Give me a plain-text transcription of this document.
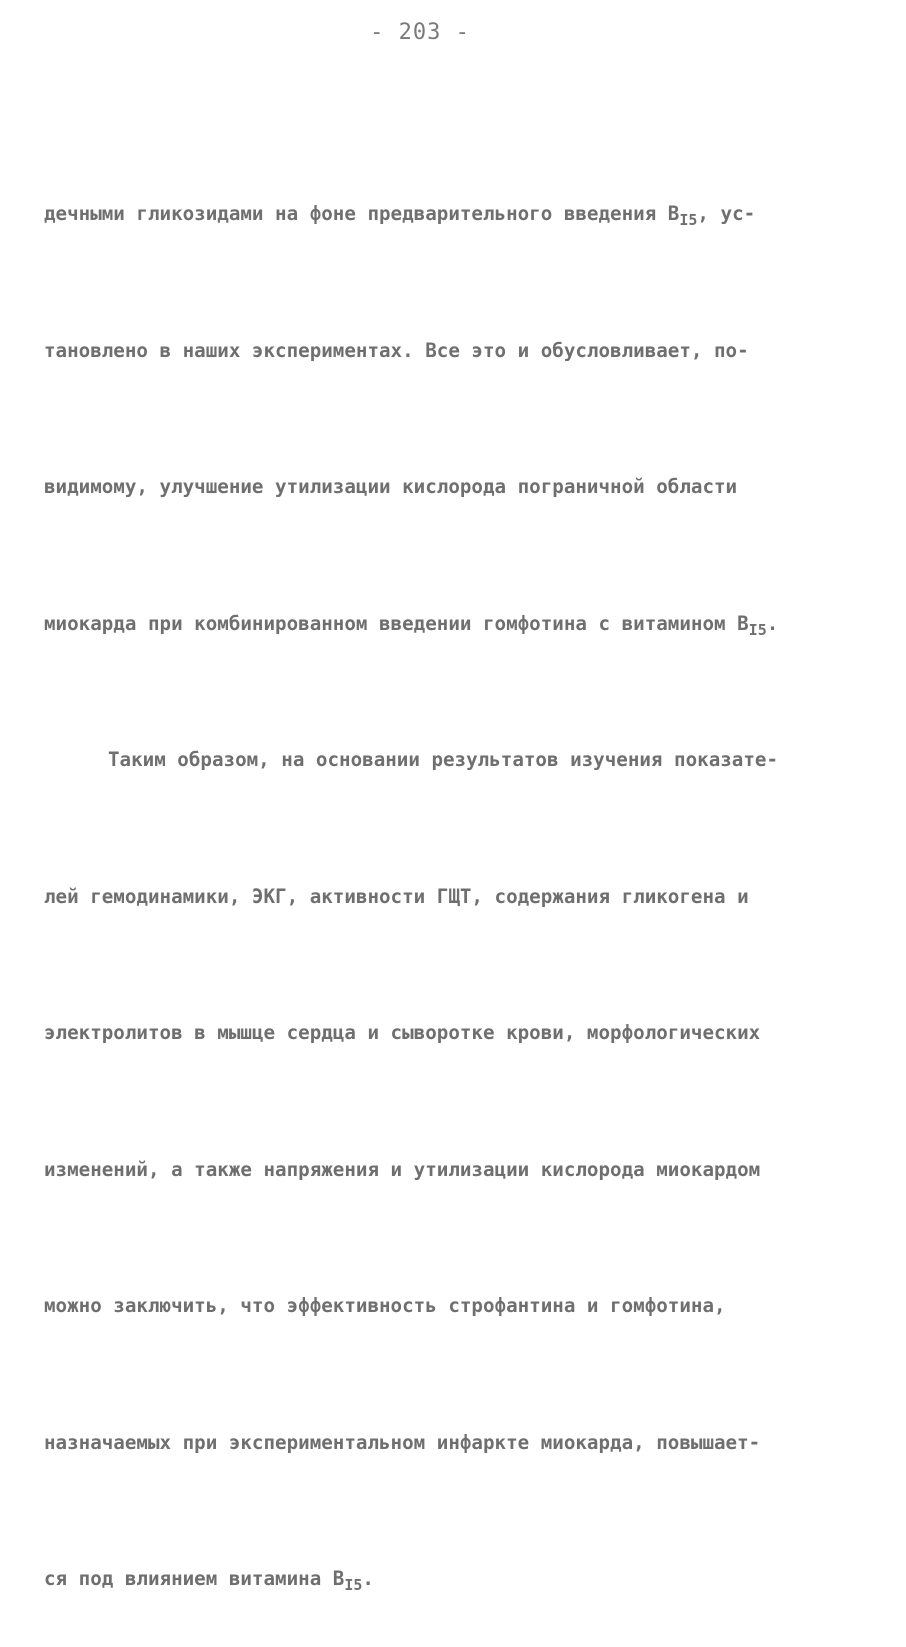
- 203 -

дечными гликозидами на фоне предварительного введения $В_{I5}$, ус-

тановлено в наших экспериментах. Все это и обусловливает, по-

видимому, улучшение утилизации кислорода пограничной области

миокарда при комбинированном введении гомфотина с витамином $В_{I5}$.

Таким образом, на основании результатов изучения показате-

лей гемодинамики, ЭКГ, активности ГЩТ, содержания гликогена и

электролитов в мышце сердца и сыворотке крови, морфологических

изменений, а также напряжения и утилизации кислорода миокардом

можно заключить, что эффективность строфантина и гомфотина,

назначаемых при экспериментальном инфаркте миокарда, повышает-

ся под влиянием витамина $В_{I5}$.
